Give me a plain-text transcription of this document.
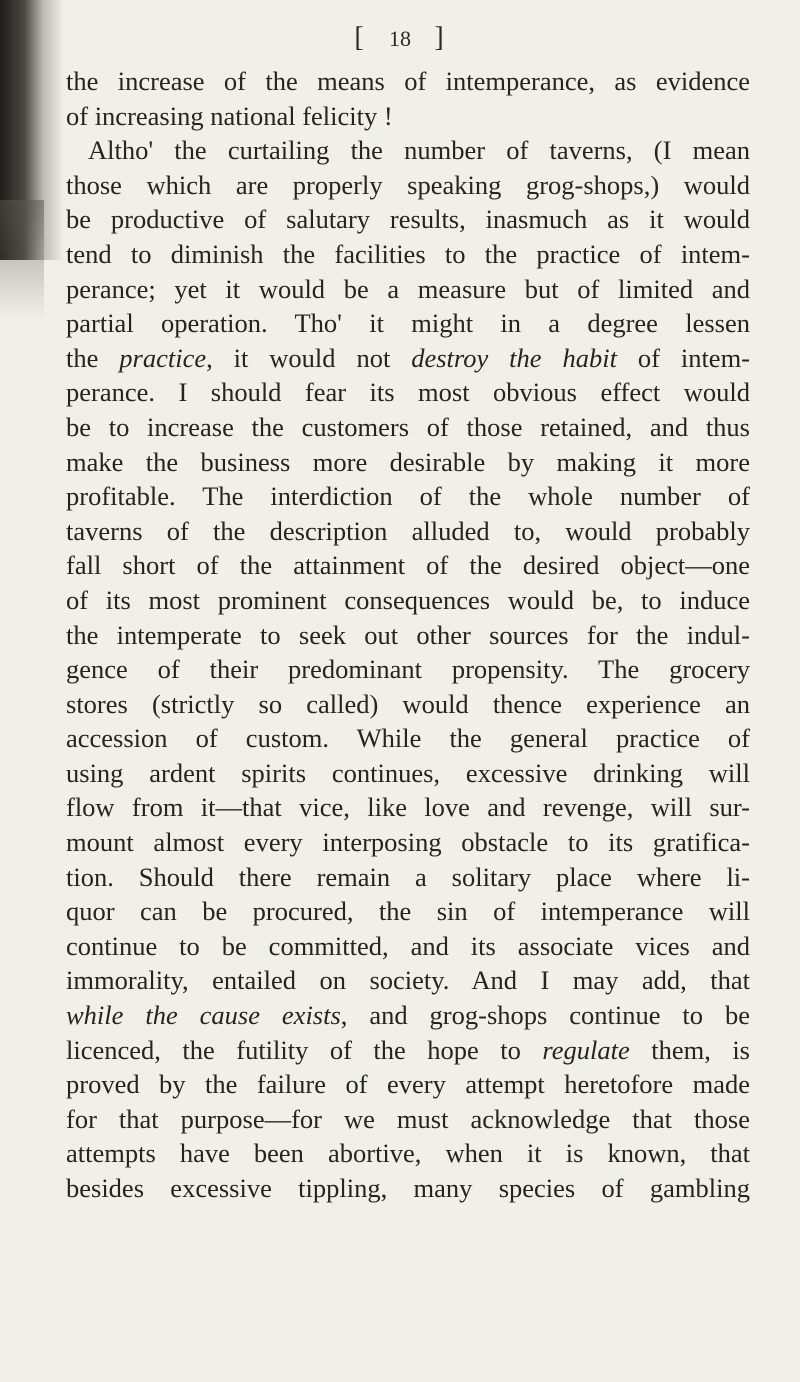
[ 18 ]
the increase of the means of intemperance, as evidence
of increasing national felicity !
Altho' the curtailing the number of taverns, (I mean
those which are properly speaking grog-shops,) would
be productive of salutary results, inasmuch as it would
tend to diminish the facilities to the practice of intem-
perance; yet it would be a measure but of limited and
partial operation. Tho' it might in a degree lessen
the practice, it would not destroy the habit of intem-
perance. I should fear its most obvious effect would
be to increase the customers of those retained, and thus
make the business more desirable by making it more
profitable. The interdiction of the whole number of
taverns of the description alluded to, would probably
fall short of the attainment of the desired object—one
of its most prominent consequences would be, to induce
the intemperate to seek out other sources for the indul-
gence of their predominant propensity. The grocery
stores (strictly so called) would thence experience an
accession of custom. While the general practice of
using ardent spirits continues, excessive drinking will
flow from it—that vice, like love and revenge, will sur-
mount almost every interposing obstacle to its gratifica-
tion. Should there remain a solitary place where li-
quor can be procured, the sin of intemperance will
continue to be committed, and its associate vices and
immorality, entailed on society. And I may add, that
while the cause exists, and grog-shops continue to be
licenced, the futility of the hope to regulate them, is
proved by the failure of every attempt heretofore made
for that purpose—for we must acknowledge that those
attempts have been abortive, when it is known, that
besides excessive tippling, many species of gambling
